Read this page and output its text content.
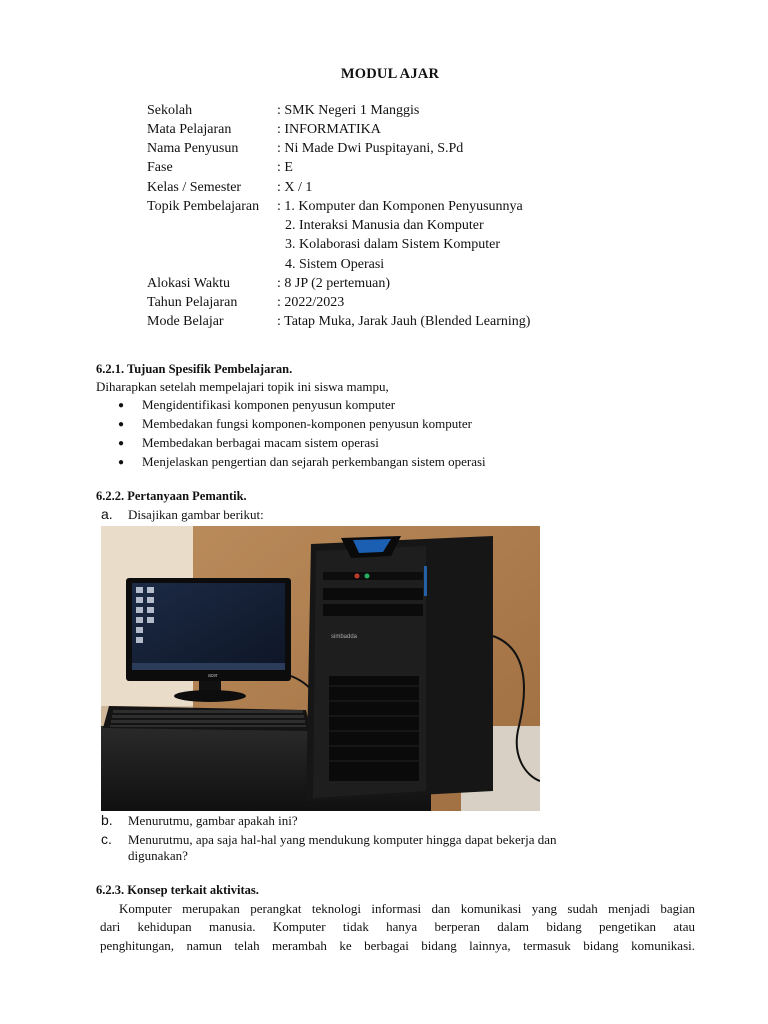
MODUL AJAR
Sekolah	: SMK Negeri 1 Manggis
Mata Pelajaran	: INFORMATIKA
Nama Penyusun	: Ni Made Dwi Puspitayani, S.Pd
Fase	: E
Kelas / Semester	: X / 1
Topik Pembelajaran : 1. Komputer dan Komponen Penyusunnya
2. Interaksi Manusia dan Komputer
3. Kolaborasi dalam Sistem Komputer
4. Sistem Operasi
Alokasi Waktu	: 8 JP (2 pertemuan)
Tahun Pelajaran	: 2022/2023
Mode Belajar	: Tatap Muka, Jarak Jauh (Blended Learning)
6.2.1. Tujuan Spesifik Pembelajaran.
Diharapkan setelah mempelajari topik ini siswa mampu,
● Mengidentifikasi komponen penyusun komputer
● Membedakan fungsi komponen-komponen penyusun komputer
● Membedakan berbagai macam sistem operasi
● Menjelaskan pengertian dan sejarah perkembangan sistem operasi
6.2.2. Pertanyaan Pemantik.
a. Disajikan gambar berikut:
acer
simbadda
b. Menurutmu, gambar apakah ini?
c. Menurutmu, apa saja hal-hal yang mendukung komputer hingga dapat bekerja dan
digunakan?
6.2.3. Konsep terkait aktivitas.
Komputer merupakan perangkat teknologi informasi dan komunikasi yang sudah menjadi bagian
dari kehidupan manusia. Komputer tidak hanya berperan dalam bidang pengetikan atau
penghitungan, namun telah merambah ke berbagai bidang lainnya, termasuk bidang komunikasi.
